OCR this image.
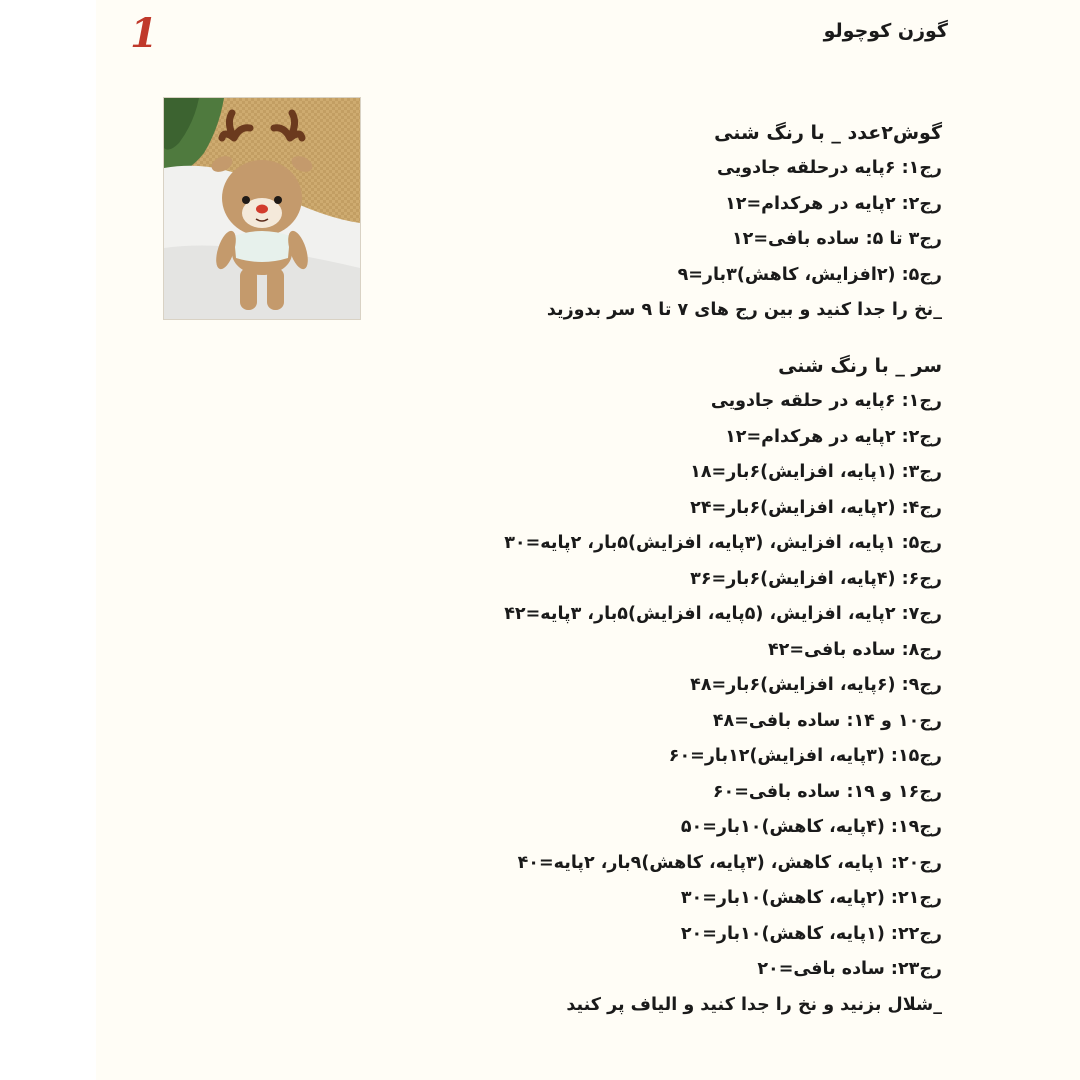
1	گوزن کوچولو
گوش۲عدد _ با رنگ شنی
رج۱: ۶پایه درحلقه جادویی
رج۲: ۲پایه در هرکدام=۱۲
رج۳ تا ۵: ساده بافی=۱۲
رج۵: (۲افزایش، کاهش)۳بار=۹
_نخ را جدا کنید و بین رج های ۷ تا ۹ سر بدوزید
سر _ با رنگ شنی
رج۱: ۶پایه در حلقه جادویی
رج۲: ۲پایه در هرکدام=۱۲
رج۳: (۱پایه، افزایش)۶بار=۱۸
رج۴: (۲پایه، افزایش)۶بار=۲۴
رج۵: ۱پایه، افزایش، (۳پایه، افزایش)۵بار، ۲پایه=۳۰
رج۶: (۴پایه، افزایش)۶بار=۳۶
رج۷: ۲پایه، افزایش، (۵پایه، افزایش)۵بار، ۳پایه=۴۲
رج۸: ساده بافی=۴۲
رج۹: (۶پایه، افزایش)۶بار=۴۸
رج۱۰ و ۱۴: ساده بافی=۴۸
رج۱۵: (۳پایه، افزایش)۱۲بار=۶۰
رج۱۶ و ۱۹: ساده بافی=۶۰
رج۱۹: (۴پایه، کاهش)۱۰بار=۵۰
رج۲۰: ۱پایه، کاهش، (۳پایه، کاهش)۹بار، ۲پایه=۴۰
رج۲۱: (۲پایه، کاهش)۱۰بار=۳۰
رج۲۲: (۱پایه، کاهش)۱۰بار=۲۰
رج۲۳: ساده بافی=۲۰
_شلال بزنید و نخ را جدا کنید و الیاف پر کنید
